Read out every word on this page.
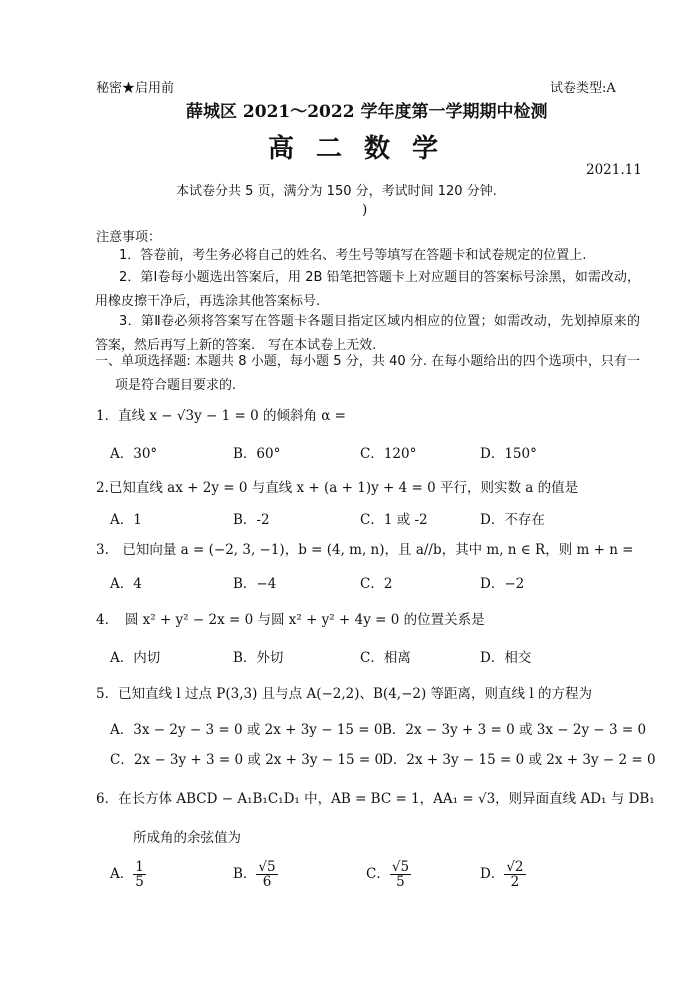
秘密★启用前	试卷类型:A
薛城区 2021～2022 学年度第一学期期中检测
高二数学
2021.11
本试卷分共 5 页，满分为 150 分，考试时间 120 分钟.
)
注意事项：
1．答卷前，考生务必将自己的姓名、考生号等填写在答题卡和试卷规定的位置上.
2．第Ⅰ卷每小题选出答案后，用 2B 铅笔把答题卡上对应题目的答案标号涂黑，如需改动，用橡皮擦干净后，再选涂其他答案标号.
3．第Ⅱ卷必须将答案写在答题卡各题目指定区域内相应的位置；如需改动，先划掉原来的答案，然后再写上新的答案.　写在本试卷上无效.
一、单项选择题: 本题共 8 小题，每小题 5 分，共 40 分. 在每小题给出的四个选项中，只有一项是符合题目要求的.
1．直线 x − √3y − 1 = 0 的倾斜角 α =
A．30°	B．60°	C．120°	D．150°
2.已知直线 ax + 2y = 0 与直线 x + (a + 1)y + 4 = 0 平行，则实数 a 的值是
A．1	B．-2	C．1 或 -2	D．不存在
3.　已知向量 a = (−2, 3, −1)，b = (4, m, n)，且 a//b，其中 m, n ∈ R，则 m + n =
A．4	B．−4	C．2	D．−2
4．　圆 x² + y² − 2x = 0 与圆 x² + y² + 4y = 0 的位置关系是
A．内切	B．外切	C．相离	D．相交
5．已知直线 l 过点 P(3,3) 且与点 A(−2,2)、B(4,−2) 等距离，则直线 l 的方程为
A．3x − 2y − 3 = 0 或 2x + 3y − 15 = 0 B．2x − 3y + 3 = 0 或 3x − 2y − 3 = 0
C．2x − 3y + 3 = 0 或 2x + 3y − 15 = 0
D．2x + 3y − 15 = 0 或 2x + 3y − 2 = 0
6．在长方体 ABCD − A₁B₁C₁D₁ 中，AB = BC = 1，AA₁ = √3，则异面直线 AD₁ 与 DB₁
所成角的余弦值为
A． $\frac{1}{5}$	B． $\frac{√5}{6}$	C． $\frac{√5}{5}$	D． $\frac{√2}{2}$
